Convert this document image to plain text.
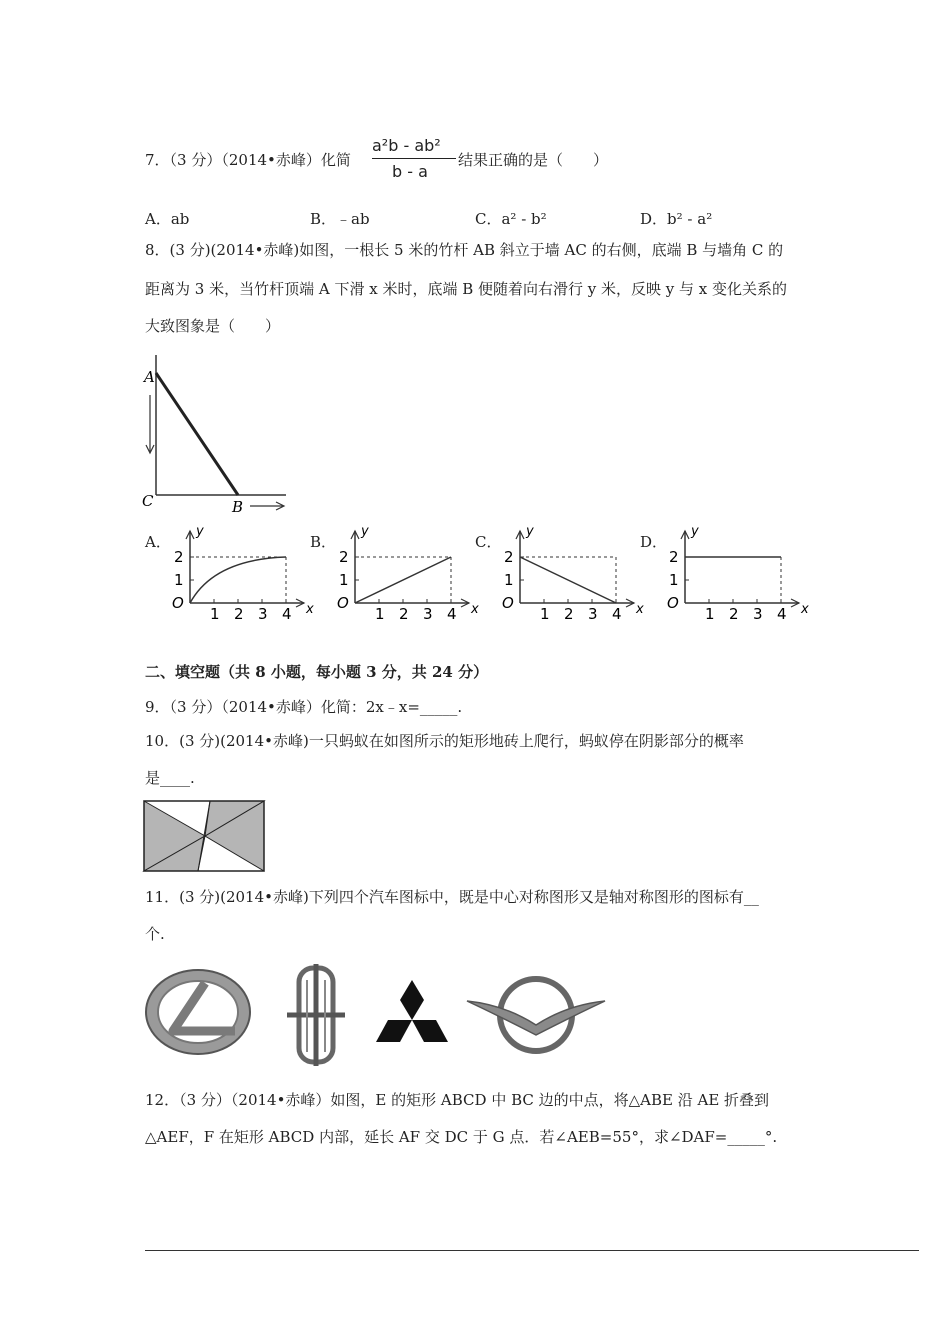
7．（3 分）（2014•赤峰）化简
a²b - ab²
b - a
结果正确的是（　　）
A．ab	B．﹣ab	C．a² - b²	D．b² - a²
8．(3 分)(2014•赤峰)如图，一根长 5 米的竹杆 AB 斜立于墙 AC 的右侧，底端 B 与墙角 C 的
距离为 3 米，当竹杆顶端 A 下滑 x 米时，底端 B 便随着向右滑行 y 米，反映 y 与 x 变化关系的
大致图象是（　　）
A
C	B
A．	B．	C．	D．
1 2 3 4
1
2
O	x
y
1 2 3 4
1
2
O	x
y
1 2 3 4
1
2
O	x
y
1 2 3 4
1
2
O	x
y
二、填空题（共 8 小题，每小题 3 分，共 24 分）
9．（3 分）（2014•赤峰）化简：2x﹣x=_____.
10．(3 分)(2014•赤峰)一只蚂蚁在如图所示的矩形地砖上爬行，蚂蚁停在阴影部分的概率
是____.
11．(3 分)(2014•赤峰)下列四个汽车图标中，既是中心对称图形又是轴对称图形的图标有__
个.
12．（3 分）（2014•赤峰）如图，E 的矩形 ABCD 中 BC 边的中点，将△ABE 沿 AE 折叠到
△AEF，F 在矩形 ABCD 内部，延长 AF 交 DC 于 G 点．若∠AEB=55°，求∠DAF=_____°.
